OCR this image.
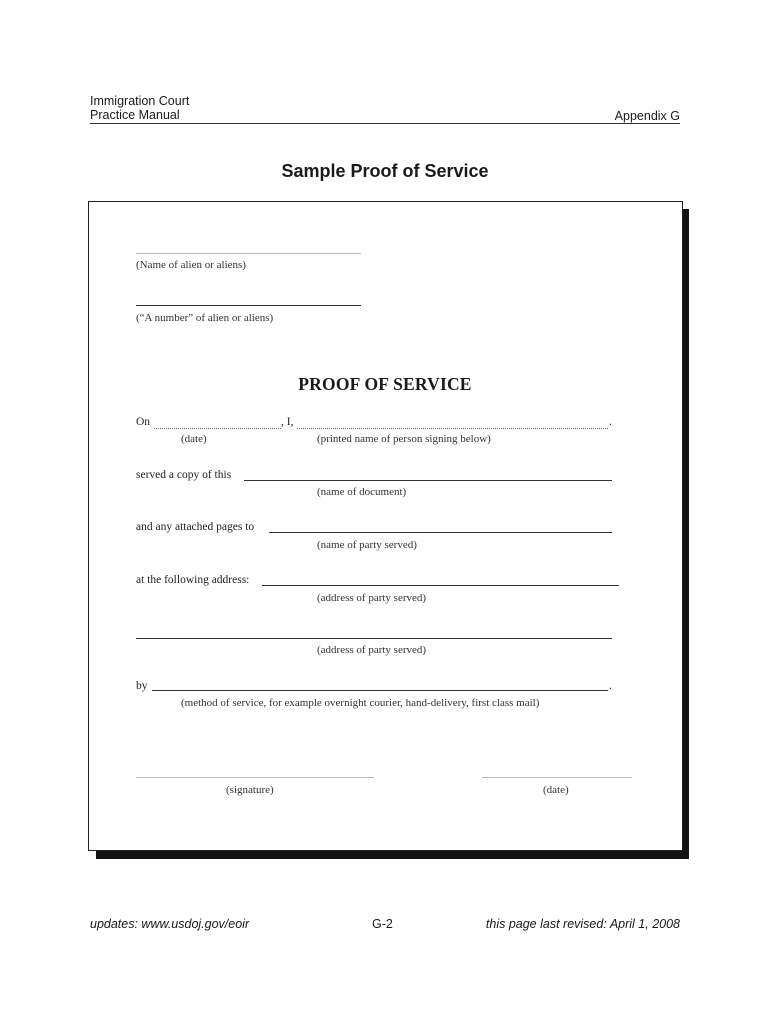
Immigration Court
Practice Manual	Appendix G
Sample Proof of Service
(Name of alien or aliens)
(“A number” of alien or aliens)
PROOF OF SERVICE
On	, I,	.
(date)	(printed name of person signing below)
served a copy of this
(name of document)
and any attached pages to
(name of party served)
at the following address:
(address of party served)
(address of party served)
by	.
(method of service, for example overnight courier, hand-delivery, first class mail)
(signature)	(date)
updates: www.usdoj.gov/eoir	G-2	this page last revised: April 1, 2008
